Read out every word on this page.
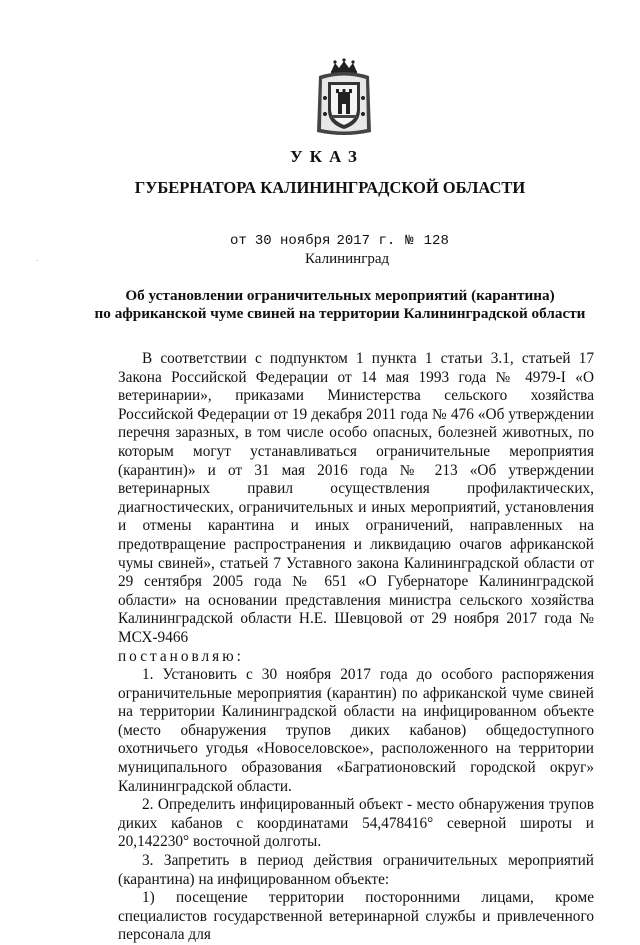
УКАЗ
ГУБЕРНАТОРА КАЛИНИНГРАДСКОЙ ОБЛАСТИ
от 30 ноября 2017 г. № 128
Калининград
Об установлении ограничительных мероприятий (карантина)
по африканской чуме свиней на территории Калининградской области

В соответствии с подпунктом 1 пункта 1 статьи 3.1, статьей 17 Закона Российской Федерации от 14 мая 1993 года № 4979-I «О ветеринарии», приказами Министерства сельского хозяйства Российской Федерации от 19 декабря 2011 года № 476 «Об утверждении перечня заразных, в том числе особо опасных, болезней животных, по которым могут устанавливаться ограничительные мероприятия (карантин)» и от 31 мая 2016 года № 213 «Об утверждении ветеринарных правил осуществления профилактических, диагностических, ограничительных и иных мероприятий, установления и отмены карантина и иных ограничений, направленных на предотвращение распространения и ликвидацию очагов африканской чумы свиней», статьей 7 Уставного закона Калининградской области от 29 сентября 2005 года № 651 «О Губернаторе Калининградской области» на основании представления министра сельского хозяйства Калининградской области Н.Е. Шевцовой от 29 ноября 2017 года № МСХ-9466

постановляю:

1. Установить с 30 ноября 2017 года до особого распоряжения ограничительные мероприятия (карантин) по африканской чуме свиней на территории Калининградской области на инфицированном объекте (место обнаружения трупов диких кабанов) общедоступного охотничьего угодья «Новоселовское», расположенного на территории муниципального образования «Багратионовский городской округ» Калининградской области.

2. Определить инфицированный объект - место обнаружения трупов диких кабанов с координатами 54,478416° северной широты и 20,142230° восточной долготы.

3. Запретить в период действия ограничительных мероприятий (карантина) на инфицированном объекте:

1) посещение территории посторонними лицами, кроме специалистов государственной ветеринарной службы и привлеченного персонала для
